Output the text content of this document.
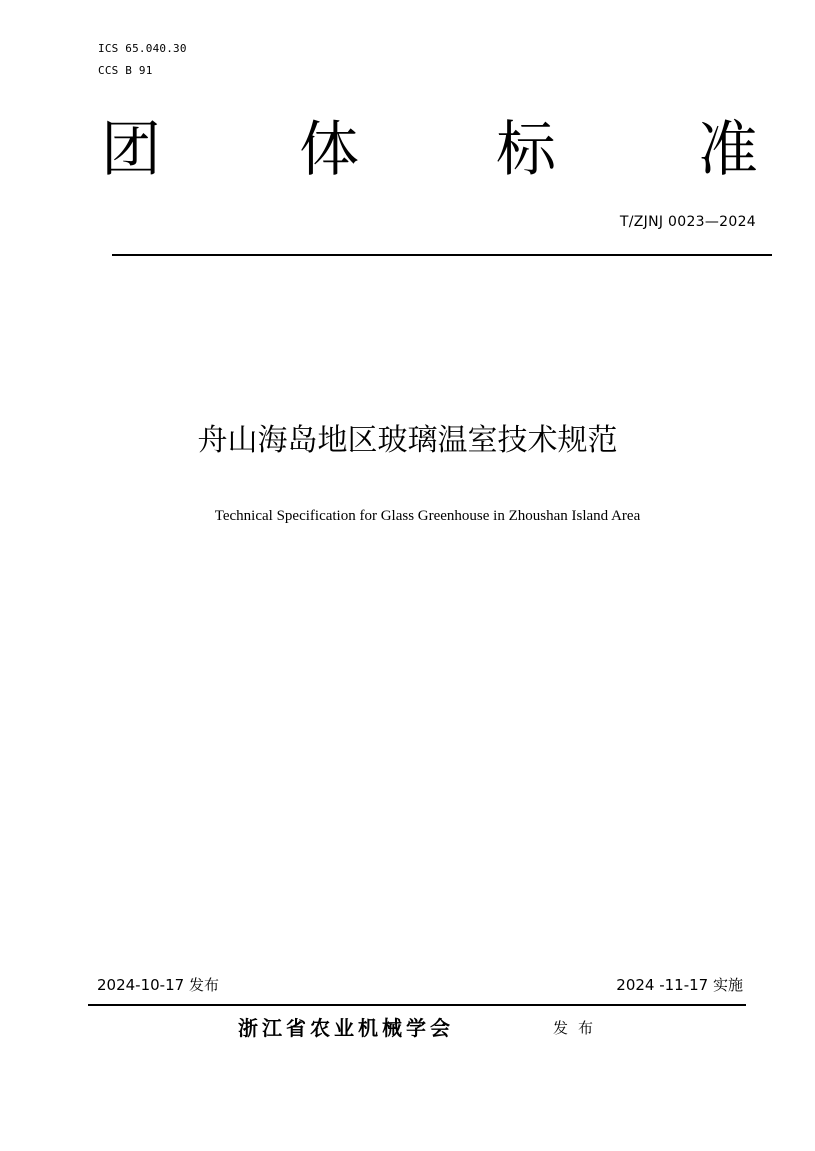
ICS 65.040.30
CCS B 91
团 体 标 准
T/ZJNJ 0023—2024
舟山海岛地区玻璃温室技术规范
Technical Specification for Glass Greenhouse in Zhoushan Island Area
2024-10-17 发布	2024 -11-17 实施
浙江省农业机械学会	发布
